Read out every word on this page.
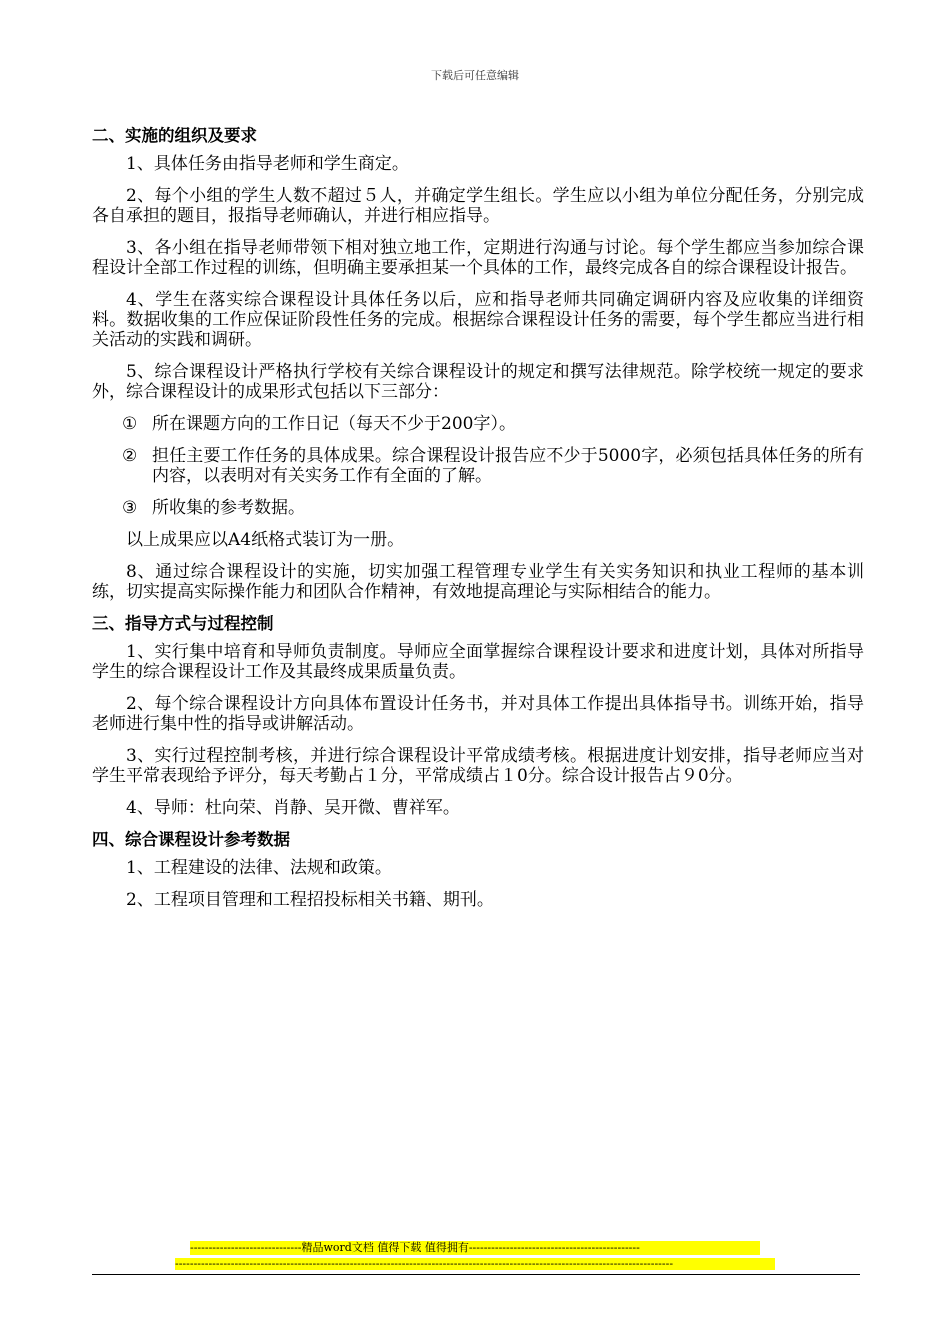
下载后可任意编辑
二、实施的组织及要求
1、具体任务由指导老师和学生商定。
2、每个小组的学生人数不超过５人，并确定学生组长。学生应以小组为单位分配任务，分别完成各自承担的题目，报指导老师确认，并进行相应指导。
3、各小组在指导老师带领下相对独立地工作，定期进行沟通与讨论。每个学生都应当参加综合课程设计全部工作过程的训练，但明确主要承担某一个具体的工作，最终完成各自的综合课程设计报告。
4、学生在落实综合课程设计具体任务以后，应和指导老师共同确定调研内容及应收集的详细资料。数据收集的工作应保证阶段性任务的完成。根据综合课程设计任务的需要，每个学生都应当进行相关活动的实践和调研。
5、综合课程设计严格执行学校有关综合课程设计的规定和撰写法律规范。除学校统一规定的要求外，综合课程设计的成果形式包括以下三部分：
① 所在课题方向的工作日记（每天不少于200字）。
② 担任主要工作任务的具体成果。综合课程设计报告应不少于5000字，必须包括具体任务的所有内容，以表明对有关实务工作有全面的了解。
③ 所收集的参考数据。
以上成果应以A4纸格式装订为一册。
8、通过综合课程设计的实施，切实加强工程管理专业学生有关实务知识和执业工程师的基本训练，切实提高实际操作能力和团队合作精神，有效地提高理论与实际相结合的能力。
三、指导方式与过程控制
1、实行集中培育和导师负责制度。导师应全面掌握综合课程设计要求和进度计划，具体对所指导学生的综合课程设计工作及其最终成果质量负责。
2、每个综合课程设计方向具体布置设计任务书，并对具体工作提出具体指导书。训练开始，指导老师进行集中性的指导或讲解活动。
3、实行过程控制考核，并进行综合课程设计平常成绩考核。根据进度计划安排，指导老师应当对学生平常表现给予评分，每天考勤占１分，平常成绩占１0分。综合设计报告占９0分。
4、导师：杜向荣、肖静、吴开微、曹祥军。
四、综合课程设计参考数据
1、工程建设的法律、法规和政策。
2、工程项目管理和工程招投标相关书籍、期刊。
------------------------------精品word文档 值得下载 值得拥有----------------------------------------------
--------------------------------------------------------------------------------------------------------------------------------------
